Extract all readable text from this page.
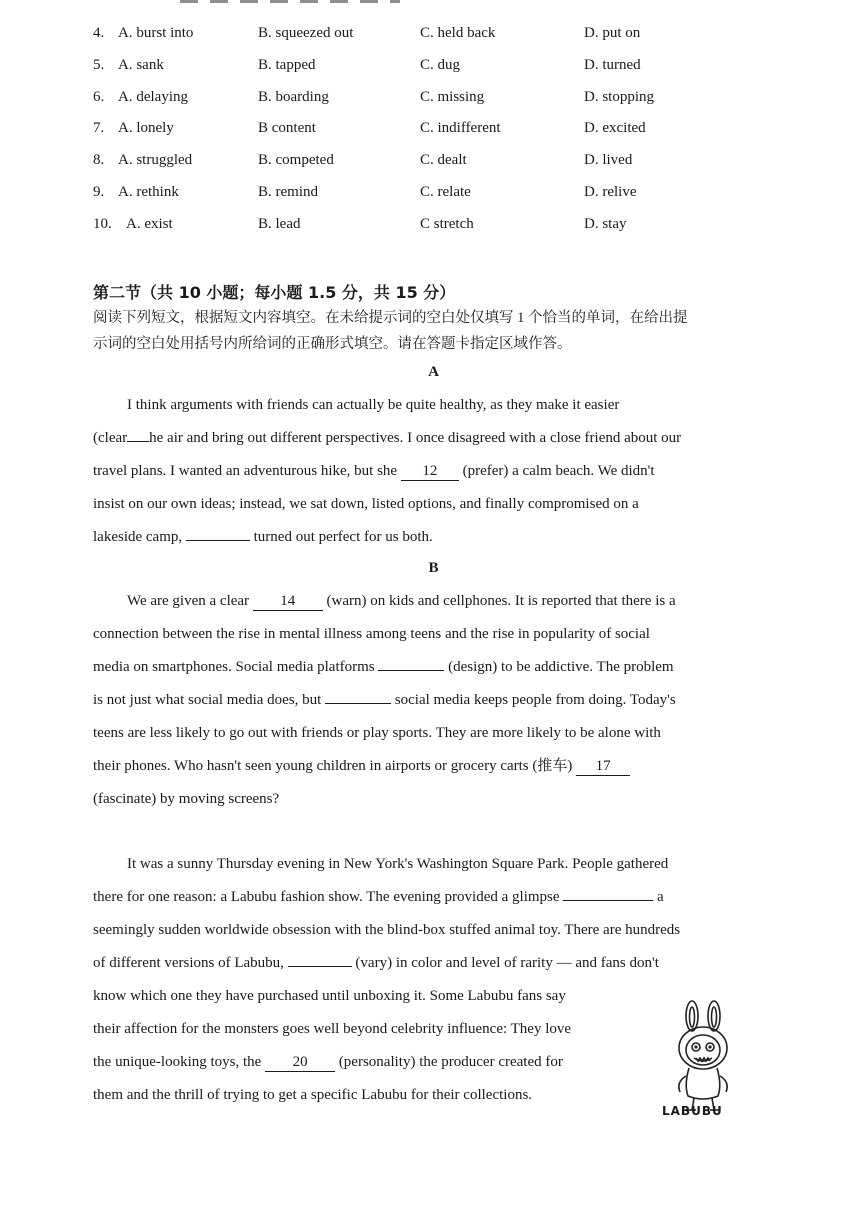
4. A. burst into	B. squeezed out	C. held back	D. put on
5. A. sank	B. tapped	C. dug	D. turned
6. A. delaying	B. boarding	C. missing	D. stopping
7. A. lonely	B content	C. indifferent	D. excited
8. A. struggled	B. competed	C. dealt	D. lived
9. A. rethink	B. remind	C. relate	D. relive
10. A. exist	B. lead	C stretch	D. stay
第二节（共 10 小题；每小题 1.5 分，共 15 分）
阅读下列短文，根据短文内容填空。在未给提示词的空白处仅填写 1 个恰当的单词，在给出提
示词的空白处用括号内所给词的正确形式填空。请在答题卡指定区域作答。
A
I think arguments with friends can actually be quite healthy, as they make it easier
(clear he air and bring out different perspectives. I once disagreed with a close friend about our
travel plans. I wanted an adventurous hike, but she 12 (prefer) a calm beach. We didn't
insist on our own ideas; instead, we sat down, listed options, and finally compromised on a
lakeside camp,	turned out perfect for us both.
B
We are given a clear 14 (warn) on kids and cellphones. It is reported that there is a
connection between the rise in mental illness among teens and the rise in popularity of social
media on smartphones. Social media platforms	(design) to be addictive. The problem
is not just what social media does, but	social media keeps people from doing. Today's
teens are less likely to go out with friends or play sports. They are more likely to be alone with
their phones. Who hasn't seen young children in airports or grocery carts (推车) 17
(fascinate) by moving screens?
It was a sunny Thursday evening in New York's Washington Square Park. People gathered
there for one reason: a Labubu fashion show. The evening provided a glimpse	a
seemingly sudden worldwide obsession with the blind-box stuffed animal toy. There are hundreds
of different versions of Labubu,	(vary) in color and level of rarity — and fans don't
know which one they have purchased until unboxing it. Some Labubu fans say
their affection for the monsters goes well beyond celebrity influence: They love
the unique-looking toys, the 20 (personality) the producer created for
them and the thrill of trying to get a specific Labubu for their collections.
LABUBU
